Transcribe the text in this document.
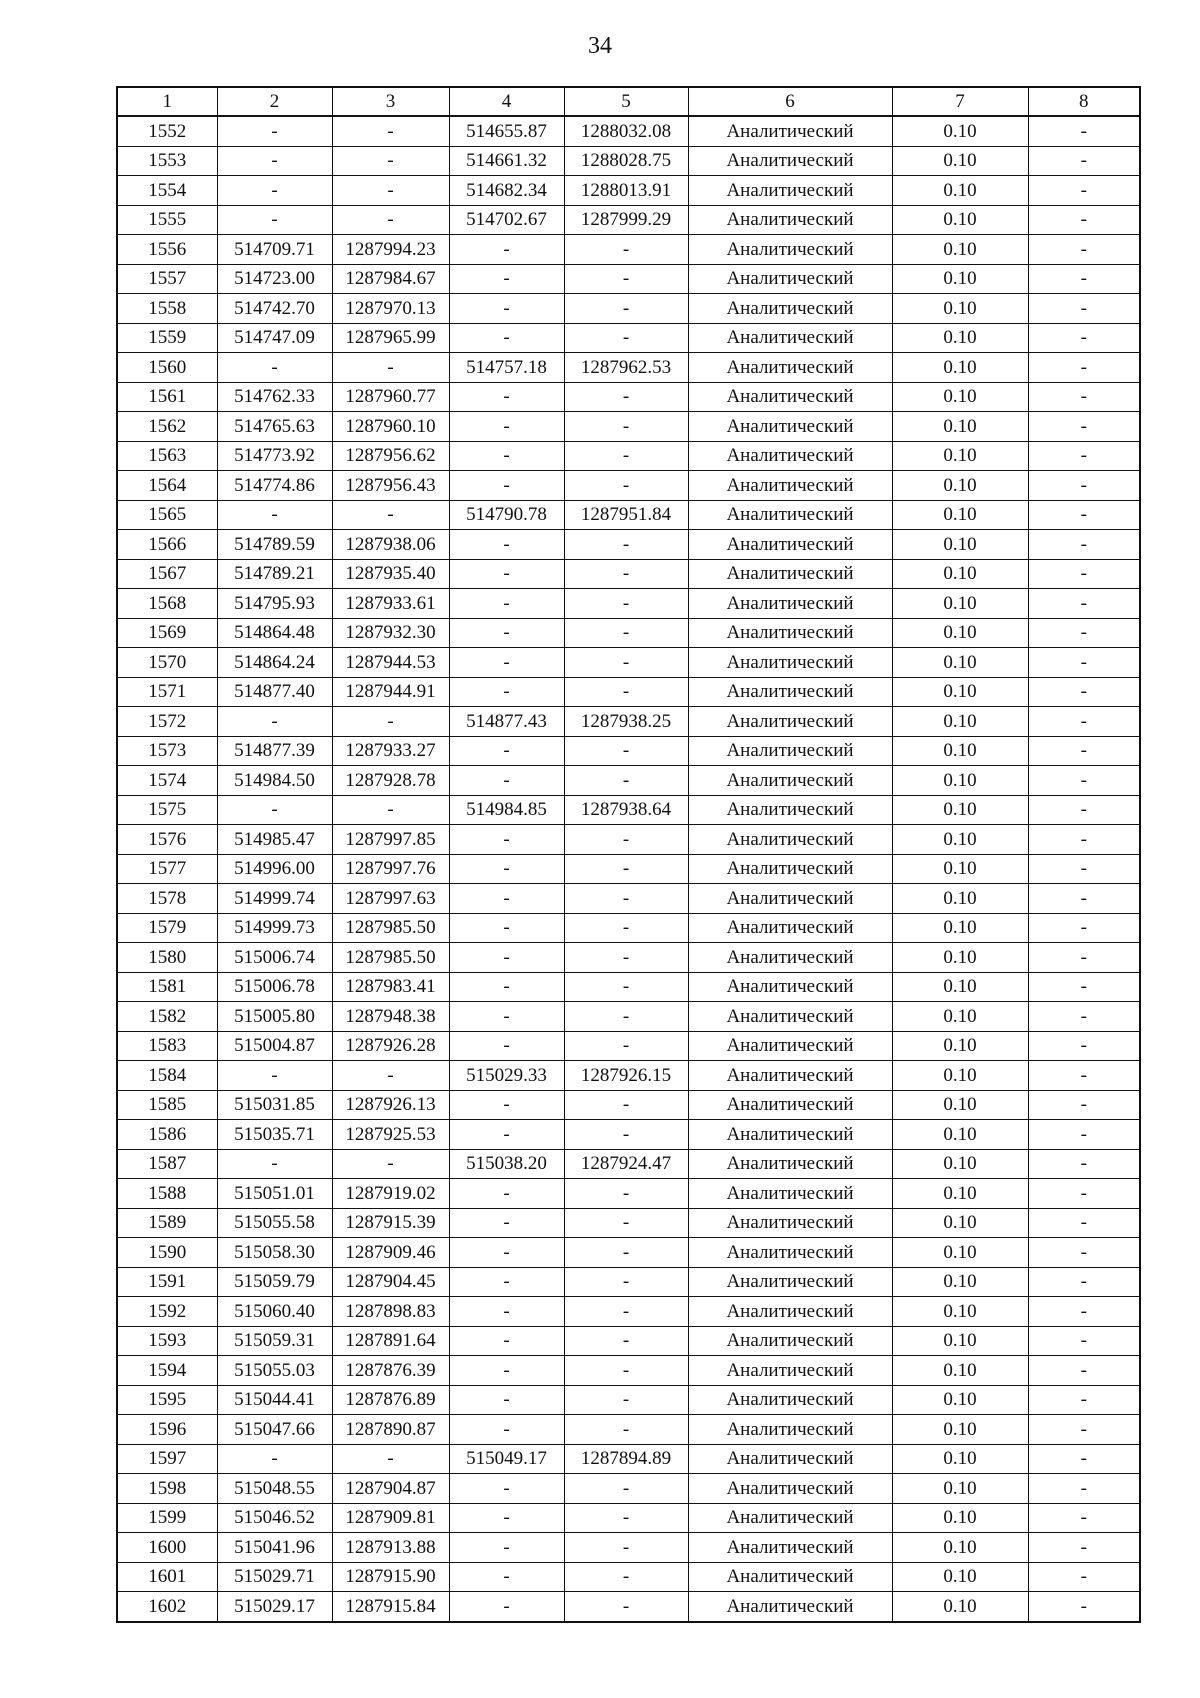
34
1	2	3	4	5	6	7	8
1552	-	-	514655.87	1288032.08	Аналитический	0.10	-
1553	-	-	514661.32	1288028.75	Аналитический	0.10	-
1554	-	-	514682.34	1288013.91	Аналитический	0.10	-
1555	-	-	514702.67	1287999.29	Аналитический	0.10	-
1556	514709.71	1287994.23	-	-	Аналитический	0.10	-
1557	514723.00	1287984.67	-	-	Аналитический	0.10	-
1558	514742.70	1287970.13	-	-	Аналитический	0.10	-
1559	514747.09	1287965.99	-	-	Аналитический	0.10	-
1560	-	-	514757.18	1287962.53	Аналитический	0.10	-
1561	514762.33	1287960.77	-	-	Аналитический	0.10	-
1562	514765.63	1287960.10	-	-	Аналитический	0.10	-
1563	514773.92	1287956.62	-	-	Аналитический	0.10	-
1564	514774.86	1287956.43	-	-	Аналитический	0.10	-
1565	-	-	514790.78	1287951.84	Аналитический	0.10	-
1566	514789.59	1287938.06	-	-	Аналитический	0.10	-
1567	514789.21	1287935.40	-	-	Аналитический	0.10	-
1568	514795.93	1287933.61	-	-	Аналитический	0.10	-
1569	514864.48	1287932.30	-	-	Аналитический	0.10	-
1570	514864.24	1287944.53	-	-	Аналитический	0.10	-
1571	514877.40	1287944.91	-	-	Аналитический	0.10	-
1572	-	-	514877.43	1287938.25	Аналитический	0.10	-
1573	514877.39	1287933.27	-	-	Аналитический	0.10	-
1574	514984.50	1287928.78	-	-	Аналитический	0.10	-
1575	-	-	514984.85	1287938.64	Аналитический	0.10	-
1576	514985.47	1287997.85	-	-	Аналитический	0.10	-
1577	514996.00	1287997.76	-	-	Аналитический	0.10	-
1578	514999.74	1287997.63	-	-	Аналитический	0.10	-
1579	514999.73	1287985.50	-	-	Аналитический	0.10	-
1580	515006.74	1287985.50	-	-	Аналитический	0.10	-
1581	515006.78	1287983.41	-	-	Аналитический	0.10	-
1582	515005.80	1287948.38	-	-	Аналитический	0.10	-
1583	515004.87	1287926.28	-	-	Аналитический	0.10	-
1584	-	-	515029.33	1287926.15	Аналитический	0.10	-
1585	515031.85	1287926.13	-	-	Аналитический	0.10	-
1586	515035.71	1287925.53	-	-	Аналитический	0.10	-
1587	-	-	515038.20	1287924.47	Аналитический	0.10	-
1588	515051.01	1287919.02	-	-	Аналитический	0.10	-
1589	515055.58	1287915.39	-	-	Аналитический	0.10	-
1590	515058.30	1287909.46	-	-	Аналитический	0.10	-
1591	515059.79	1287904.45	-	-	Аналитический	0.10	-
1592	515060.40	1287898.83	-	-	Аналитический	0.10	-
1593	515059.31	1287891.64	-	-	Аналитический	0.10	-
1594	515055.03	1287876.39	-	-	Аналитический	0.10	-
1595	515044.41	1287876.89	-	-	Аналитический	0.10	-
1596	515047.66	1287890.87	-	-	Аналитический	0.10	-
1597	-	-	515049.17	1287894.89	Аналитический	0.10	-
1598	515048.55	1287904.87	-	-	Аналитический	0.10	-
1599	515046.52	1287909.81	-	-	Аналитический	0.10	-
1600	515041.96	1287913.88	-	-	Аналитический	0.10	-
1601	515029.71	1287915.90	-	-	Аналитический	0.10	-
1602	515029.17	1287915.84	-	-	Аналитический	0.10	-
